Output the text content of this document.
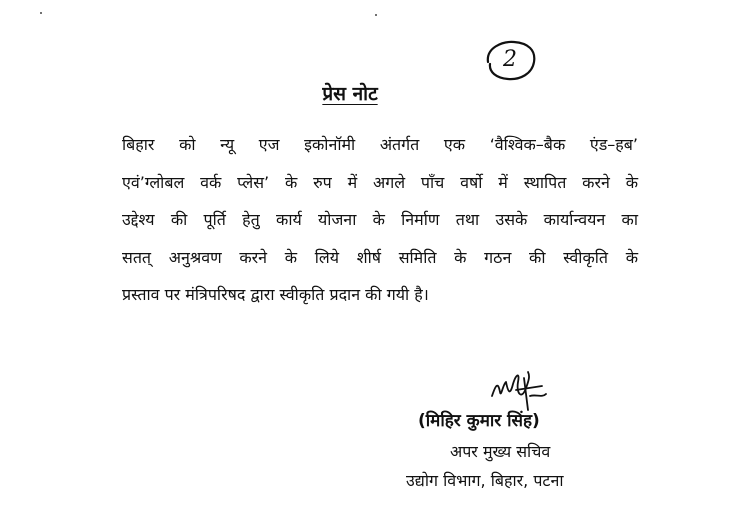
2
प्रेस नोट
बिहार को न्यू एज इकोनॉमी अंतर्गत एक ‘वैश्विक–बैक एंड–हब’
एवं’ग्लोबल वर्क प्लेस’ के रुप में अगले पाँच वर्षो में स्थापित करने के
उद्देश्य की पूर्ति हेतु कार्य योजना के निर्माण तथा उसके कार्यान्वयन का
सतत् अनुश्रवण करने के लिये शीर्ष समिति के गठन की स्वीकृति के
प्रस्ताव पर मंत्रिपरिषद द्वारा स्वीकृति प्रदान की गयी है।
(मिहिर कुमार सिंह)
अपर मुख्य सचिव
उद्योग विभाग, बिहार, पटना
